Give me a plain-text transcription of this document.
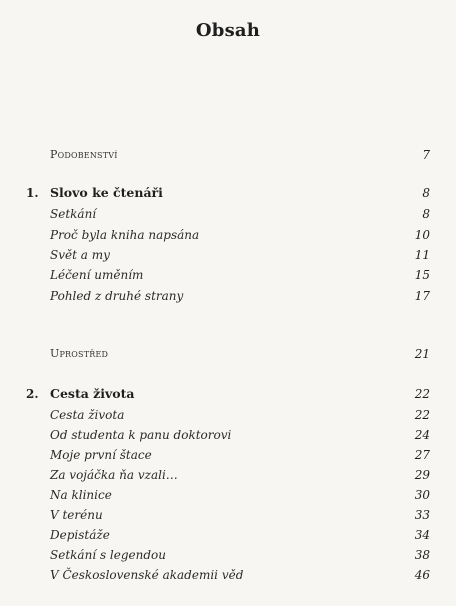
Obsah
Podobenství	7
1. Slovo ke čtenáři	8
Setkání	8
Proč byla kniha napsána	10
Svět a my	11
Léčení uměním	15
Pohled z druhé strany	17
Uprostřed	21
2. Cesta života	22
Cesta života	22
Od studenta k panu doktorovi	24
Moje první štace	27
Za vojáčka ňa vzali…	29
Na klinice	30
V terénu	33
Depistáže	34
Setkání s legendou	38
V Československé akademii věd	46
